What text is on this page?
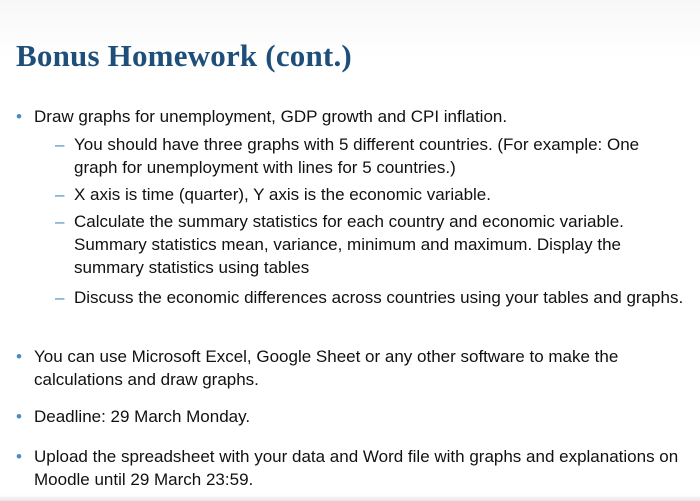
Bonus Homework (cont.)
• Draw graphs for unemployment, GDP growth and CPI inflation.
– You should have three graphs with 5 different countries. (For example: One graph for unemployment with lines for 5 countries.)
– X axis is time (quarter), Y axis is the economic variable.
– Calculate the summary statistics for each country and economic variable. Summary statistics mean, variance, minimum and maximum. Display the summary statistics using tables
– Discuss the economic differences across countries using your tables and graphs.
• You can use Microsoft Excel, Google Sheet or any other software to make the calculations and draw graphs.
• Deadline: 29 March Monday.
• Upload the spreadsheet with your data and Word file with graphs and explanations on Moodle until 29 March 23:59.
